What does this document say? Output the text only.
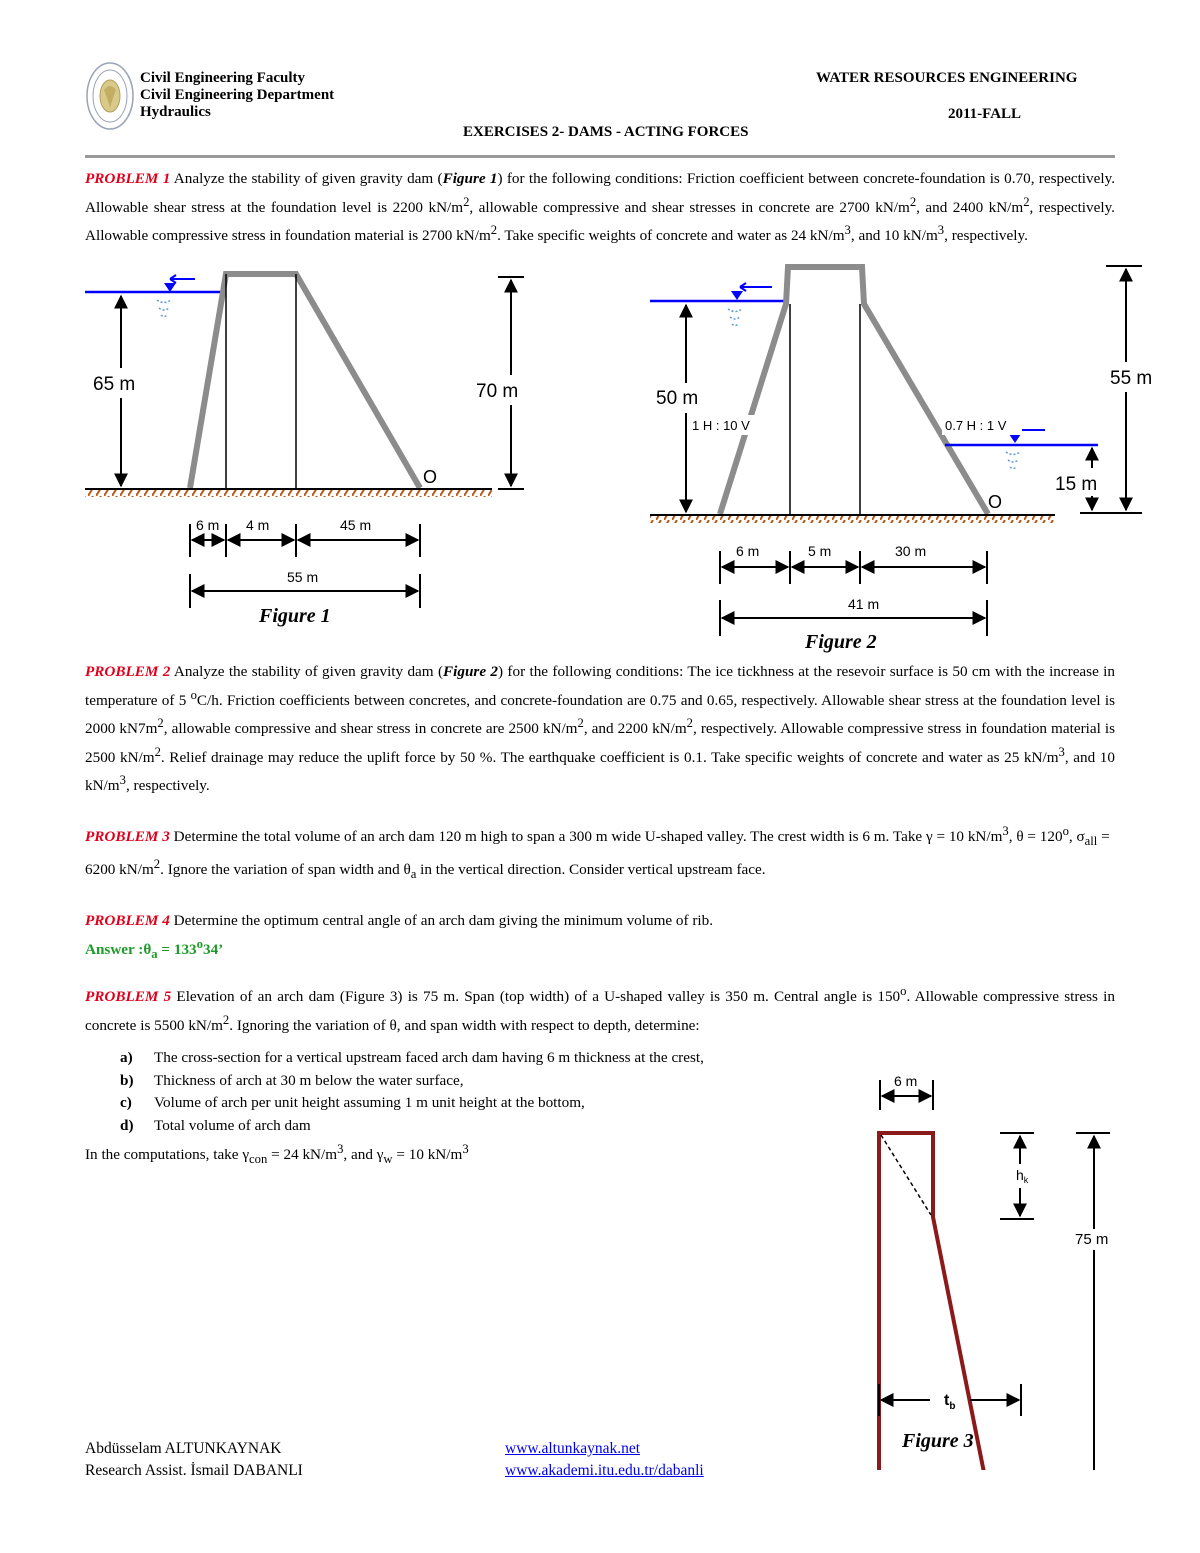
Civil Engineering Faculty
Civil Engineering Department
Hydraulics
WATER RESOURCES ENGINEERING
2011-FALL
EXERCISES 2- DAMS - ACTING FORCES
PROBLEM 1 Analyze the stability of given gravity dam (Figure 1) for the following conditions: Friction coefficient between concrete-foundation is 0.70, respectively. Allowable shear stress at the foundation level is 2200 $kN/m^2$, allowable compressive and shear stresses in concrete are 2700 $kN/m^2$, and 2400 $kN/m^2$, respectively. Allowable compressive stress in foundation material is 2700 $kN/m^2$. Take specific weights of concrete and water as 24 $kN/m^3$, and 10 $kN/m^3$, respectively.
65 m	70 m
O
6 m 4 m	45 m
55 m
Figure 1
50 m
1 H : 10 V	0.7 H : 1 V
55 m
15 m
O
6 m	5 m	30 m
41 m
Figure 2
PROBLEM 2 Analyze the stability of given gravity dam (Figure 2) for the following conditions: The ice tickhness at the resevoir surface is 50 cm with the increase in temperature of 5 $^o$C/h. Friction coefficients between concretes, and concrete-foundation are 0.75 and 0.65, respectively. Allowable shear stress at the foundation level is 2000 $kN7m^2$, allowable compressive and shear stress in concrete are 2500 $kN/m^2$, and 2200 $kN/m^2$, respectively. Allowable compressive stress in foundation material is 2500 $kN/m^2$. Relief drainage may reduce the uplift force by 50 %. The earthquake coefficient is 0.1. Take specific weights of concrete and water as 25 $kN/m^3$, and 10 $kN/m^3$, respectively.
PROBLEM 3 Determine the total volume of an arch dam 120 m high to span a 300 m wide U-shaped valley. The crest width is 6 m. Take γ = 10 $kN/m^3$, $\theta = 120^o$, $\sigma_{all} = 6200$ $kN/m^2$. Ignore the variation of span width and $\theta_a$ in the vertical direction. Consider vertical upstream face.
PROBLEM 4 Determine the optimum central angle of an arch dam giving the minimum volume of rib.
Answer $:\theta_a = 133^o34$’
PROBLEM 5 Elevation of an arch dam (Figure 3) is 75 m. Span (top width) of a U-shaped valley is 350 m. Central angle is 150$^o$. Allowable compressive stress in concrete is 5500 $kN/m^2$. Ignoring the variation of θ, and span width with respect to depth, determine:
a) The cross-section for a vertical upstream faced arch dam having 6 m thickness at the crest,
b) Thickness of arch at 30 m below the water surface,
c) Volume of arch per unit height assuming 1 m unit height at the bottom,
d) Total volume of arch dam
In the computations, take $\gamma_{con} = 24$ $kN/m^3$, and $\gamma_w = 10$ $kN/m^3$
6 m
$h_k$
75 m
$t_b$
Figure 3
Abdüsselam ALTUNKAYNAK
Research Assist. İsmail DABANLI
www.altunkaynak.net
www.akademi.itu.edu.tr/dabanli
